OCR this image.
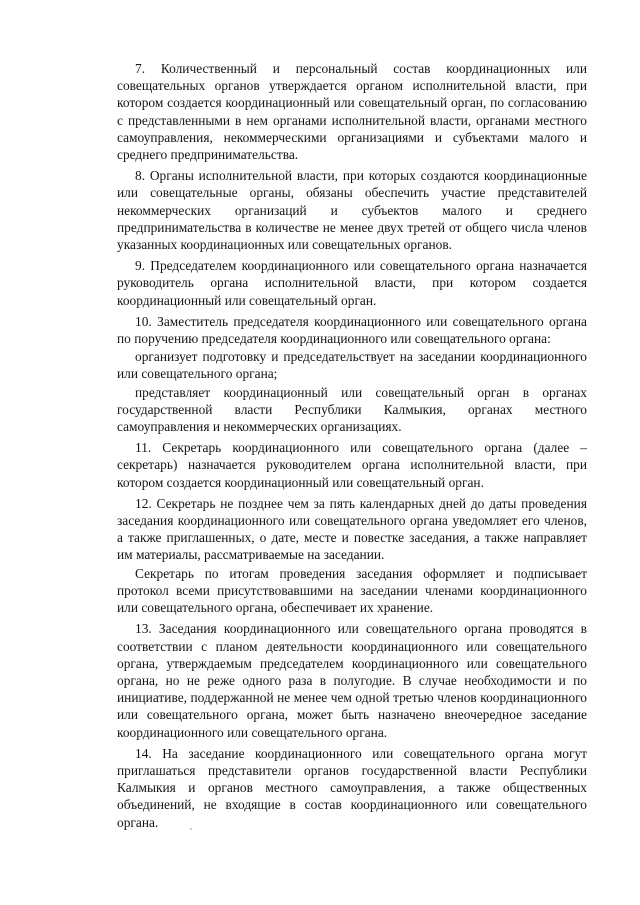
7. Количественный и персональный состав координационных или совещательных органов утверждается органом исполнительной власти, при котором создается координационный или совещательный орган, по согласованию с представленными в нем органами исполнительной власти, органами местного самоуправления, некоммерческими организациями и субъектами малого и среднего предпринимательства.

8. Органы исполнительной власти, при которых создаются координационные или совещательные органы, обязаны обеспечить участие представителей некоммерческих организаций и субъектов малого и среднего предпринимательства в количестве не менее двух третей от общего числа членов указанных координационных или совещательных органов.

9. Председателем координационного или совещательного органа назначается руководитель органа исполнительной власти, при котором создается координационный или совещательный орган.

10. Заместитель председателя координационного или совещательного органа по поручению председателя координационного или совещательного органа:

организует подготовку и председательствует на заседании координационного или совещательного органа;

представляет координационный или совещательный орган в органах государственной власти Республики Калмыкия, органах местного самоуправления и некоммерческих организациях.

11. Секретарь координационного или совещательного органа (далее – секретарь) назначается руководителем органа исполнительной власти, при котором создается координационный или совещательный орган.

12. Секретарь не позднее чем за пять календарных дней до даты проведения заседания координационного или совещательного органа уведомляет его членов, а также приглашенных, о дате, месте и повестке заседания, а также направляет им материалы, рассматриваемые на заседании.

Секретарь по итогам проведения заседания оформляет и подписывает протокол всеми присутствовавшими на заседании членами координационного или совещательного органа, обеспечивает их хранение.

13. Заседания координационного или совещательного органа проводятся в соответствии с планом деятельности координационного или совещательного органа, утверждаемым председателем координационного или совещательного органа, но не реже одного раза в полугодие. В случае необходимости и по инициативе, поддержанной не менее чем одной третью членов координационного или совещательного органа, может быть назначено внеочередное заседание координационного или совещательного органа.

14. На заседание координационного или совещательного органа могут приглашаться представители органов государственной власти Республики Калмыкия и органов местного самоуправления, а также общественных объединений, не входящие в состав координационного или совещательного органа.
